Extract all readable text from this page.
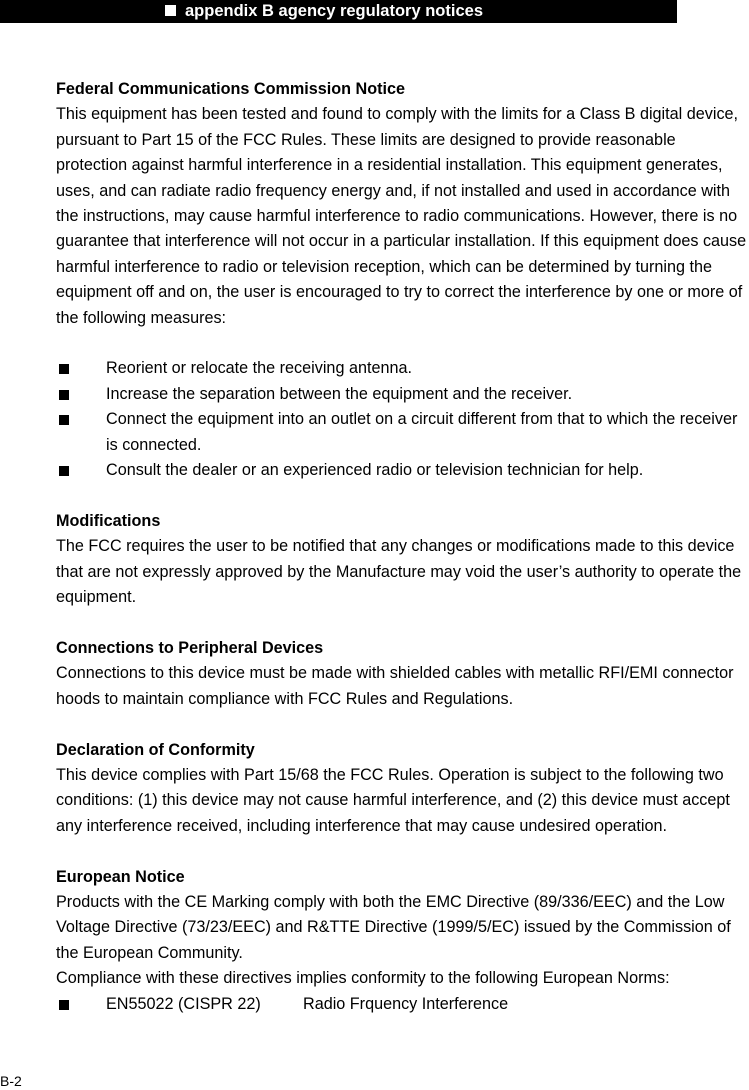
appendix B agency regulatory notices

Federal Communications Commission Notice

This equipment has been tested and found to comply with the limits for a Class B digital device, pursuant to Part 15 of the FCC Rules. These limits are designed to provide reasonable protection against harmful interference in a residential installation. This equipment generates, uses, and can radiate radio frequency energy and, if not installed and used in accordance with the instructions, may cause harmful interference to radio communications. However, there is no guarantee that interference will not occur in a particular installation. If this equipment does cause harmful interference to radio or television reception, which can be determined by turning the equipment off and on, the user is encouraged to try to correct the interference by one or more of the following measures:

Reorient or relocate the receiving antenna.
Increase the separation between the equipment and the receiver.
Connect the equipment into an outlet on a circuit different from that to which the receiver is connected.
Consult the dealer or an experienced radio or television technician for help.

Modifications

The FCC requires the user to be notified that any changes or modifications made to this device that are not expressly approved by the Manufacture may void the user’s authority to operate the equipment.

Connections to Peripheral Devices

Connections to this device must be made with shielded cables with metallic RFI/EMI connector hoods to maintain compliance with FCC Rules and Regulations.

Declaration of Conformity

This device complies with Part 15/68 the FCC Rules. Operation is subject to the following two conditions: (1) this device may not cause harmful interference, and (2) this device must accept any interference received, including interference that may cause undesired operation.

European Notice

Products with the CE Marking comply with both the EMC Directive (89/336/EEC) and the Low Voltage Directive (73/23/EEC) and R&TTE Directive (1999/5/EC) issued by the Commission of the European Community.

Compliance with these directives implies conformity to the following European Norms:

EN55022 (CISPR 22)	Radio Frquency Interference
B-2
